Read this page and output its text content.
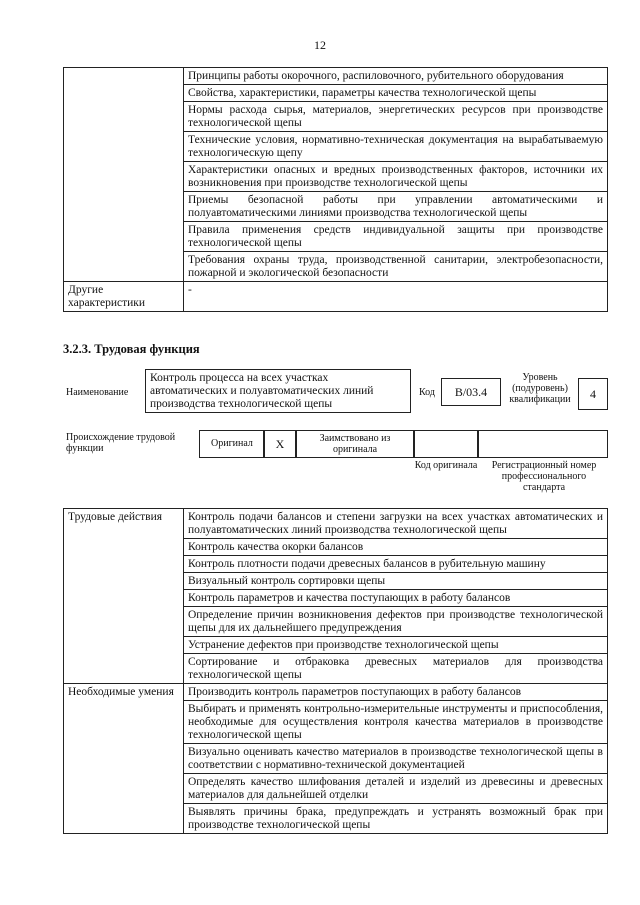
12
	Принципы работы окорочного, распиловочного, рубительного оборудования
	Свойства, характеристики, параметры качества технологической щепы
	Нормы расхода сырья, материалов, энергетических ресурсов при производстве технологической щепы
	Технические условия, нормативно-техническая документация на вырабатываемую технологическую щепу
	Характеристики опасных и вредных производственных факторов, источники их возникновения при производстве технологической щепы
	Приемы безопасной работы при управлении автоматическими и полуавтоматическими линиями производства технологической щепы
	Правила применения средств индивидуальной защиты при производстве технологической щепы
	Требования охраны труда, производственной санитарии, электробезопасности, пожарной и экологической безопасности
Другие характеристики	-
3.2.3. Трудовая функция
Наименование
Контроль процесса на всех участках автоматических и полуавтоматических линий производства технологической щепы
Код	В/03.4
Уровень (подуровень) квалификации	4
Происхождение трудовой функции	Оригинал	X	Заимствовано из оригинала
Код оригинала	Регистрационный номер профессионального стандарта
Трудовые действия	Контроль подачи балансов и степени загрузки на всех участках автоматических и полуавтоматических линий производства технологической щепы
	Контроль качества окорки балансов
	Контроль плотности подачи древесных балансов в рубительную машину
	Визуальный контроль сортировки щепы
	Контроль параметров и качества поступающих в работу балансов
	Определение причин возникновения дефектов при производстве технологической щепы для их дальнейшего предупреждения
	Устранение дефектов при производстве технологической щепы
	Сортирование и отбраковка древесных материалов для производства технологической щепы
Необходимые умения	Производить контроль параметров поступающих в работу балансов
	Выбирать и применять контрольно-измерительные инструменты и приспособления, необходимые для осуществления контроля качества материалов в производстве технологической щепы
	Визуально оценивать качество материалов в производстве технологической щепы в соответствии с нормативно-технической документацией
	Определять качество шлифования деталей и изделий из древесины и древесных материалов для дальнейшей отделки
	Выявлять причины брака, предупреждать и устранять возможный брак при производстве технологической щепы
